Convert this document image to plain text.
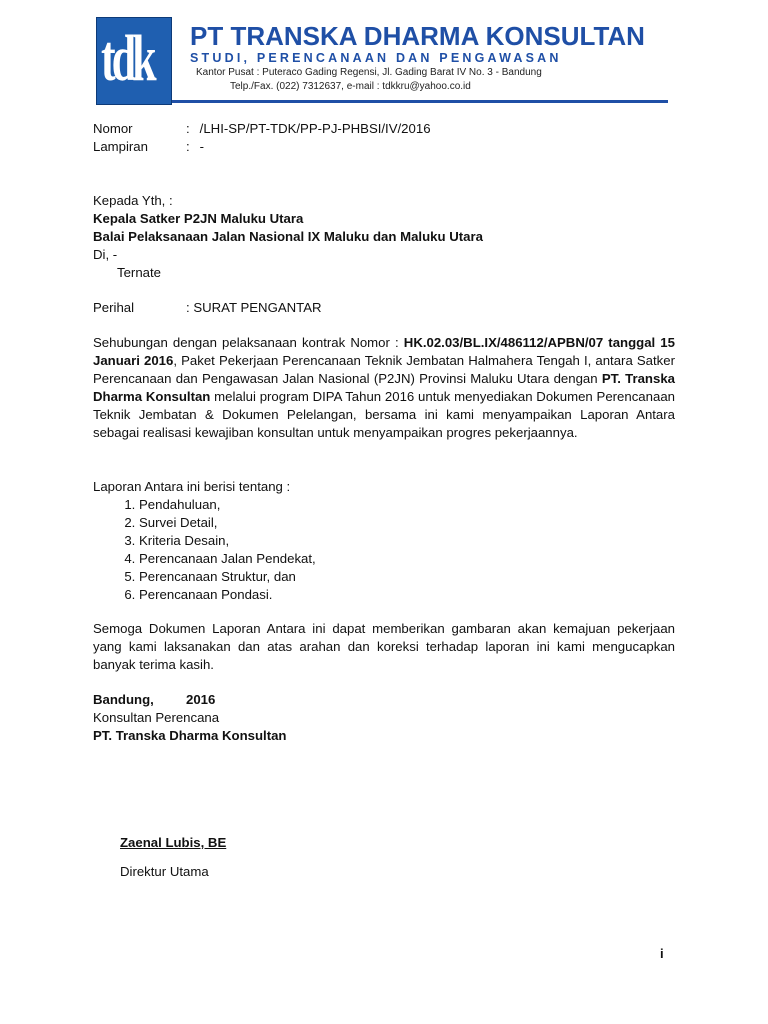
tdk PT TRANSKA DHARMA KONSULTAN
STUDI, PERENCANAAN DAN PENGAWASAN
Kantor Pusat : Puteraco Gading Regensi, Jl. Gading Barat IV No. 3 - Bandung
Telp./Fax. (022) 7312637, e-mail : tdkkru@yahoo.co.id
Nomor	: /LHI-SP/PT-TDK/PP-PJ-PHBSI/IV/2016
Lampiran	: -
Kepada Yth, :
Kepala Satker P2JN Maluku Utara
Balai Pelaksanaan Jalan Nasional IX Maluku dan Maluku Utara
Di, -
Ternate
Perihal	: SURAT PENGANTAR
Sehubungan dengan pelaksanaan kontrak Nomor : HK.02.03/BL.IX/486112/APBN/07 tanggal 15 Januari 2016, Paket Pekerjaan Perencanaan Teknik Jembatan Halmahera Tengah I, antara Satker Perencanaan dan Pengawasan Jalan Nasional (P2JN) Provinsi Maluku Utara dengan PT. Transka Dharma Konsultan melalui program DIPA Tahun 2016 untuk menyediakan Dokumen Perencanaan Teknik Jembatan & Dokumen Pelelangan, bersama ini kami menyampaikan Laporan Antara sebagai realisasi kewajiban konsultan untuk menyampaikan progres pekerjaannya.
Laporan Antara ini berisi tentang :
1. Pendahuluan,
2. Survei Detail,
3. Kriteria Desain,
4. Perencanaan Jalan Pendekat,
5. Perencanaan Struktur, dan
6. Perencanaan Pondasi.
Semoga Dokumen Laporan Antara ini dapat memberikan gambaran akan kemajuan pekerjaan yang kami laksanakan dan atas arahan dan koreksi terhadap laporan ini kami mengucapkan banyak terima kasih.
Bandung, 2016
Konsultan Perencana
PT. Transka Dharma Konsultan
Zaenal Lubis, BE
Direktur Utama
i
